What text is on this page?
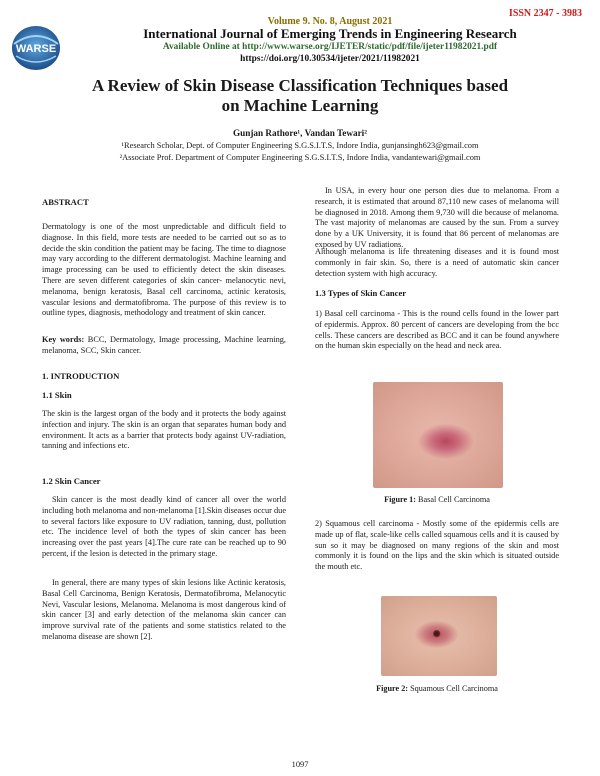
ISSN 2347 - 3983
WARSE
Volume 9. No. 8, August 2021
International Journal of Emerging Trends in Engineering Research
Available Online at http://www.warse.org/IJETER/static/pdf/file/ijeter11982021.pdf
https://doi.org/10.30534/ijeter/2021/11982021
A Review of Skin Disease Classification Techniques based
on Machine Learning
Gunjan Rathore¹, Vandan Tewari²
¹Research Scholar, Dept. of Computer Engineering S.G.S.I.T.S, Indore India, gunjansingh623@gmail.com
²Associate Prof. Department of Computer Engineering S.G.S.I.T.S, Indore India, vandantewari@gmail.com
ABSTRACT
Dermatology is one of the most unpredictable and difficult field to diagnose. In this field, more tests are needed to be carried out so as to decide the skin condition the patient may be facing. The time to diagnose may vary according to the different dermatologist. Machine learning and image processing can be used to efficiently detect the skin diseases. There are seven different categories of skin cancer- melanocytic nevi, melanoma, benign keratosis, Basal cell carcinoma, actinic keratosis, vascular lesions and dermatofibroma. The purpose of this review is to outline types, diagnosis, methodology and treatment of skin cancer.
Key words: BCC, Dermatology, Image processing, Machine learning, melanoma, SCC, Skin cancer.
1. INTRODUCTION
1.1 Skin
The skin is the largest organ of the body and it protects the body against infection and injury. The skin is an organ that separates human body and environment. It acts as a barrier that protects body against UV-radiation, tanning and infections etc.
1.2 Skin Cancer
Skin cancer is the most deadly kind of cancer all over the world including both melanoma and non-melanoma [1].Skin diseases occur due to several factors like exposure to UV radiation, tanning, dust, pollution etc. The incidence level of both the types of skin cancer has been increasing over the past years [4].The cure rate can be reached up to 90 percent, if the lesion is detected in the primary stage.
In general, there are many types of skin lesions like Actinic keratosis, Basal Cell Carcinoma, Benign Keratosis, Dermatofibroma, Melanocytic Nevi, Vascular lesions, Melanoma. Melanoma is most dangerous kind of skin cancer [3] and early detection of the melanoma skin cancer can improve survival rate of the patients and some statistics related to the melanoma disease are shown [2].
In USA, in every hour one person dies due to melanoma. From a research, it is estimated that around 87,110 new cases of melanoma will be diagnosed in 2018. Among them 9,730 will die because of melanoma. The vast majority of melanomas are caused by the sun. From a survey done by a UK University, it is found that 86 percent of melanomas are exposed by UV radiations.
Although melanoma is life threatening diseases and it is found most commonly in fair skin. So, there is a need of automatic skin cancer detection system with high accuracy.
1.3 Types of Skin Cancer
1) Basal cell carcinoma - This is the round cells found in the lower part of epidermis. Approx. 80 percent of cancers are developing from the bcc cells. These cancers are described as BCC and it can be found anywhere on the human skin especially on the head and neck area.
Figure 1: Basal Cell Carcinoma
2) Squamous cell carcinoma - Mostly some of the epidermis cells are made up of flat, scale-like cells called squamous cells and it is caused by sun so it may be diagnosed on many regions of the skin and most commonly it is found on the lips and the skin which is situated outside the mouth etc.
Figure 2: Squamous Cell Carcinoma
1097
